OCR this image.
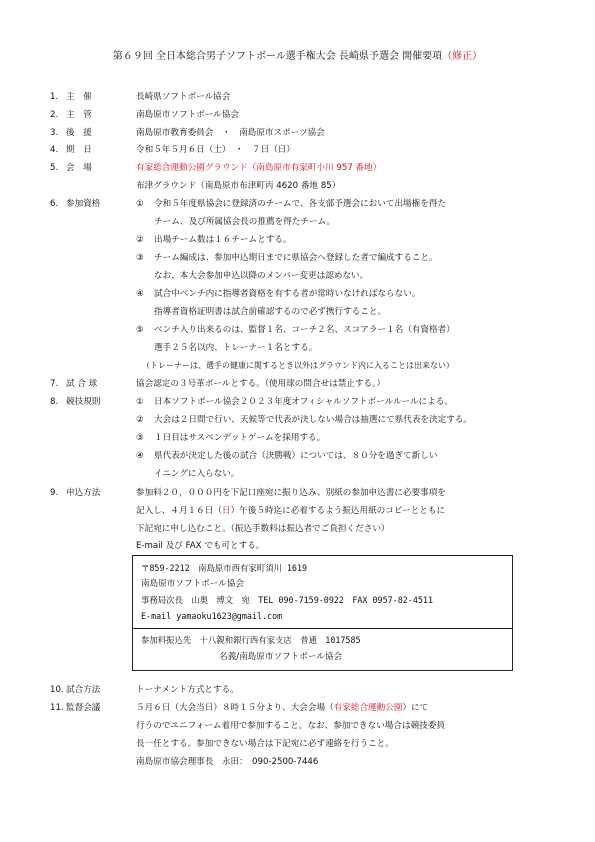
第６９回 全日本総合男子ソフトボール選手権大会 長崎県予選会 開催要項（修正）
1. 主　催	長崎県ソフトボール協会
2. 主　管	南島原市ソフトボール協会
3. 後　援	南島原市教育委員会　・　南島原市スポーツ協会
4. 期　日	令和５年５月６日（土）　・　７日（日）
5. 会　場	有家総合運動公園グラウンド（南島原市有家町小川 957 番地）
布津グラウンド（南島原市布津町丙 4620 番地 85）
6. 参加資格	① 令和５年度県協会に登録済のチームで、各支部予選会において出場権を得た
チーム、及び所属協会長の推薦を得たチーム。
② 出場チーム数は１６チームとする。
③ チーム編成は、参加申込期日までに県協会へ登録した者で編成すること。
なお、本大会参加申込以降のメンバー変更は認めない。
④ 試合中ベンチ内に指導者資格を有する者が常時いなければならない。
指導者資格証明書は試合前確認するので必ず携行すること。
⑤ ベンチ入り出来るのは、監督１名、コーチ２名、スコアラー１名（有資格者）
選手２５名以内、トレーナー１名とする。
（トレーナーは、選手の健康に関するとき以外はグラウンド内に入ることは出来ない）
7. 試 合 球	協会認定の３号革ボールとする。（使用球の問合せは禁止する。）
8. 競技規則	① 日本ソフトボール協会２０２３年度オフィシャルソフトボールルールによる。
② 大会は２日間で行い、天候等で代表が決しない場合は抽選にて県代表を決定する。
③ １日目はサスペンデットゲームを採用する。
④ 県代表が決定した後の試合（決勝戦）については、８０分を過ぎて新しい
イニングに入らない。
9. 申込方法	参加料２０，０００円を下記口座宛に振り込み、別紙の参加申込書に必要事項を
記入し、４月１６日（日）午後５時迄に必着するよう振込用紙のコピーとともに
下記宛に申し込むこと。（振込手数料は振込者でご負担ください）
E-mail 及び FAX でも可とする。
〒859-2212　南島原市西有家町須川 1619
南島原市ソフトボール協会
事務局次長　山奥　博文　宛　TEL 090-7159-0922　FAX 0957-82-4511
E-mail yamaoku1623@gmail.com
参加料振込先　十八親和銀行西有家支店　普通　1017585
名義/南島原市ソフトボール協会
10. 試合方法	トーナメント方式とする。
11. 監督会議	５月６日（大会当日）８時１５分より、大会会場（有家総合運動公園）にて
行うのでユニフォーム着用で参加すること。なお、参加できない場合は競技委員
長一任とする。参加できない場合は下記宛に必ず連絡を行うこと。
南島原市協会理事長　永田：　090-2500-7446
